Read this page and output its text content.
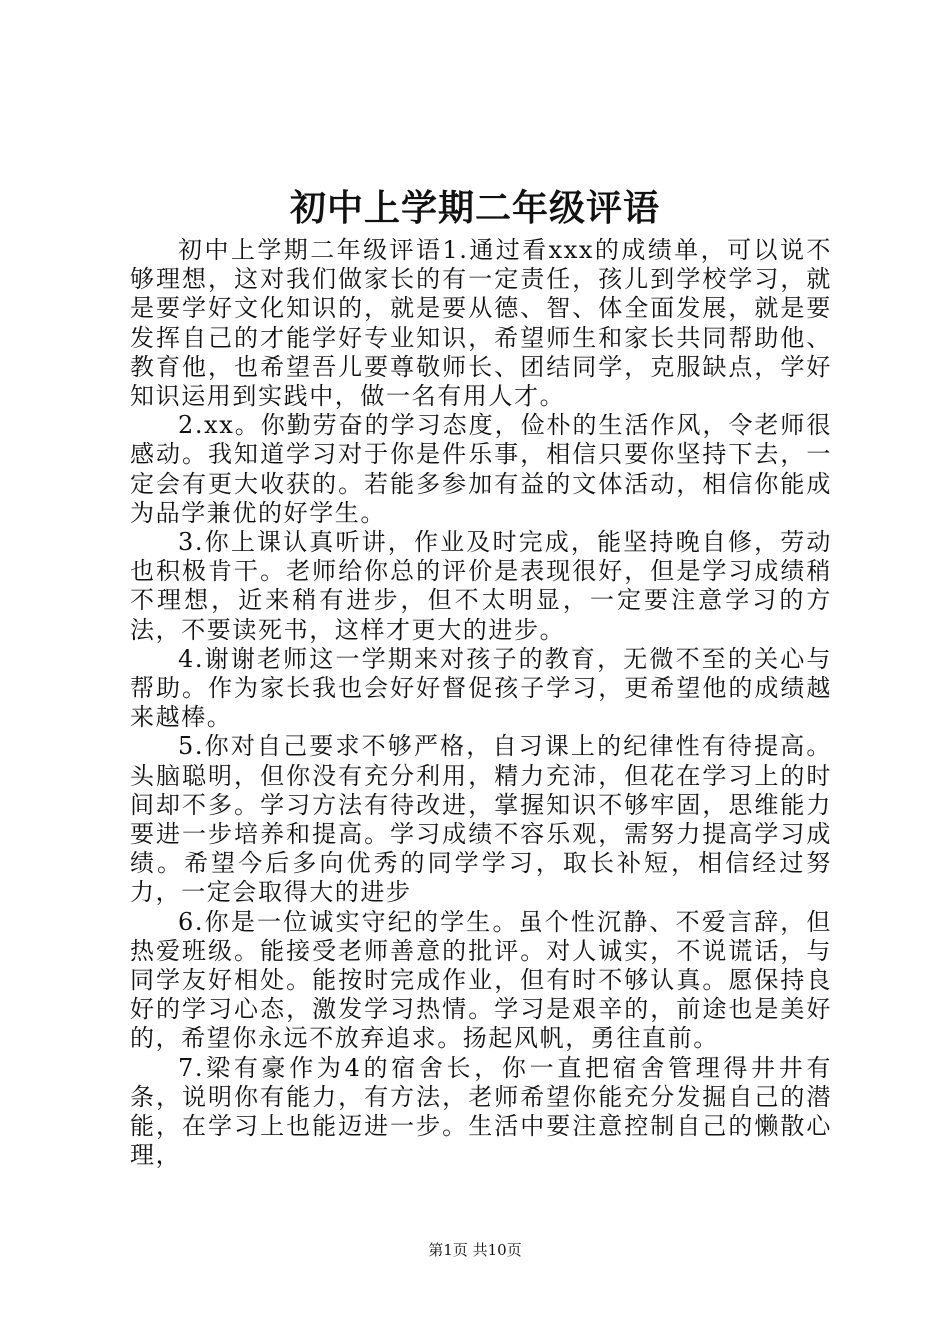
初中上学期二年级评语

初中上学期二年级评语1.通过看xxx的成绩单，可以说不够理想，这对我们做家长的有一定责任，孩儿到学校学习，就是要学好文化知识的，就是要从德、智、体全面发展，就是要发挥自己的才能学好专业知识，希望师生和家长共同帮助他、教育他，也希望吾儿要尊敬师长、团结同学，克服缺点，学好知识运用到实践中，做一名有用人才。

2.xx。你勤劳奋的学习态度，俭朴的生活作风，令老师很感动。我知道学习对于你是件乐事，相信只要你坚持下去，一定会有更大收获的。若能多参加有益的文体活动，相信你能成为品学兼优的好学生。

3.你上课认真听讲，作业及时完成，能坚持晚自修，劳动也积极肯干。老师给你总的评价是表现很好，但是学习成绩稍不理想，近来稍有进步，但不太明显，一定要注意学习的方法，不要读死书，这样才更大的进步。

4.谢谢老师这一学期来对孩子的教育，无微不至的关心与帮助。作为家长我也会好好督促孩子学习，更希望他的成绩越来越棒。

5.你对自己要求不够严格，自习课上的纪律性有待提高。头脑聪明，但你没有充分利用，精力充沛，但花在学习上的时间却不多。学习方法有待改进，掌握知识不够牢固，思维能力要进一步培养和提高。学习成绩不容乐观，需努力提高学习成绩。希望今后多向优秀的同学学习，取长补短，相信经过努力，一定会取得大的进步

6.你是一位诚实守纪的学生。虽个性沉静、不爱言辞，但热爱班级。能接受老师善意的批评。对人诚实，不说谎话，与同学友好相处。能按时完成作业，但有时不够认真。愿保持良好的学习心态，激发学习热情。学习是艰辛的，前途也是美好的，希望你永远不放弃追求。扬起风帆，勇往直前。

7.梁有豪作为4的宿舍长，你一直把宿舍管理得井井有条，说明你有能力，有方法，老师希望你能充分发掘自己的潜能，在学习上也能迈进一步。生活中要注意控制自己的懒散心理，

第1页 共10页
